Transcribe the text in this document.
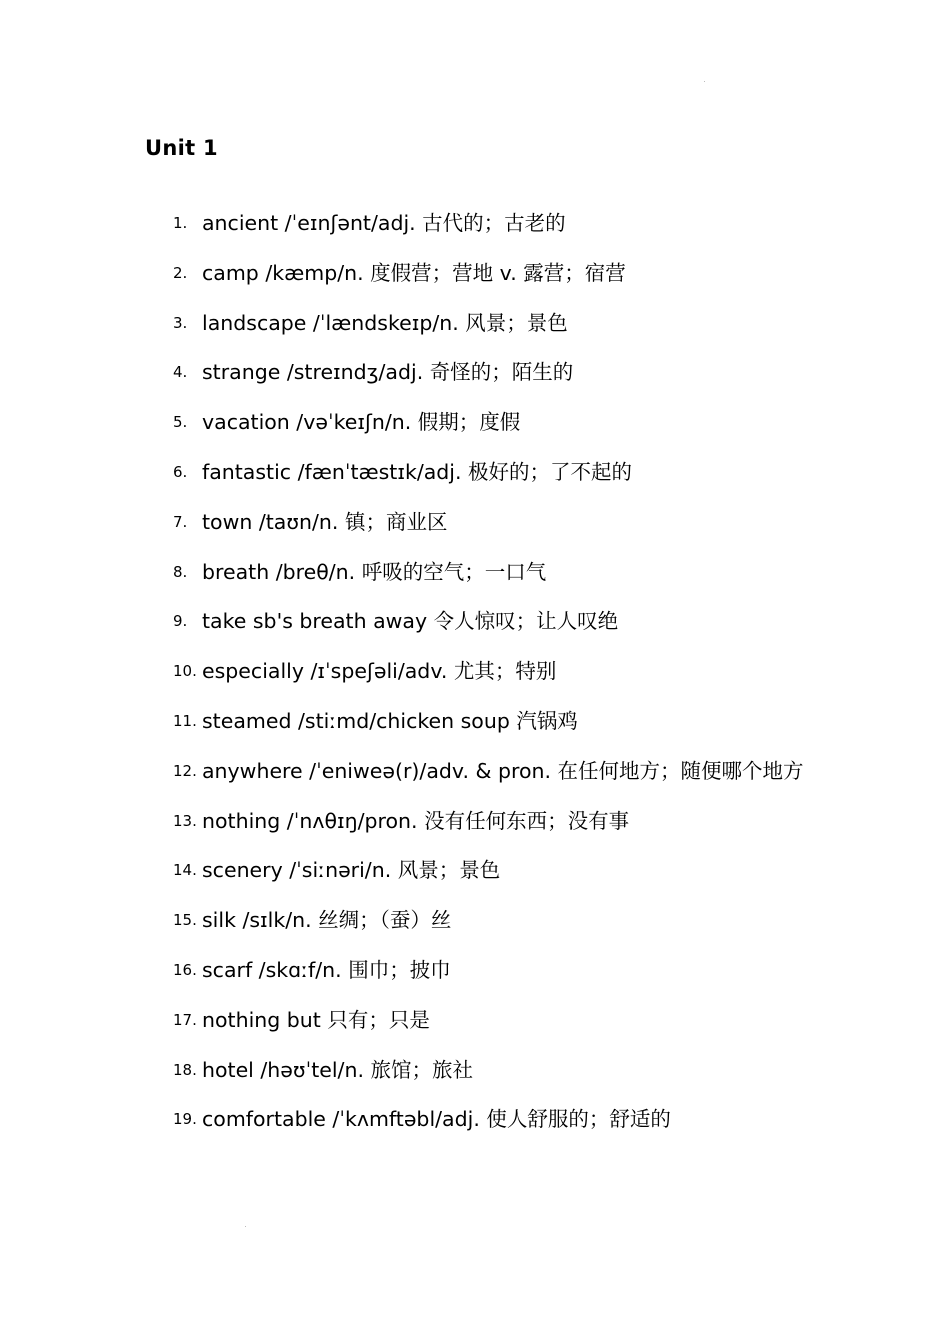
Unit 1
1. ancient /ˈeɪnʃənt/adj. 古代的；古老的
2. camp /kæmp/n. 度假营；营地 v. 露营；宿营
3. landscape /ˈlændskeɪp/n. 风景；景色
4. strange /streɪndʒ/adj. 奇怪的；陌生的
5. vacation /vəˈkeɪʃn/n. 假期；度假
6. fantastic /fænˈtæstɪk/adj. 极好的；了不起的
7. town /taʊn/n. 镇；商业区
8. breath /breθ/n. 呼吸的空气；一口气
9. take sb's breath away 令人惊叹；让人叹绝
10. especially /ɪˈspeʃəli/adv. 尤其；特别
11. steamed /stiːmd/chicken soup 汽锅鸡
12. anywhere /ˈeniweə(r)/adv. & pron. 在任何地方；随便哪个地方
13. nothing /ˈnʌθɪŋ/pron. 没有任何东西；没有事
14. scenery /ˈsiːnəri/n. 风景；景色
15. silk /sɪlk/n. 丝绸；（蚕）丝
16. scarf /skɑːf/n. 围巾；披巾
17. nothing but 只有；只是
18. hotel /həʊˈtel/n. 旅馆；旅社
19. comfortable /ˈkʌmftəbl/adj. 使人舒服的；舒适的
